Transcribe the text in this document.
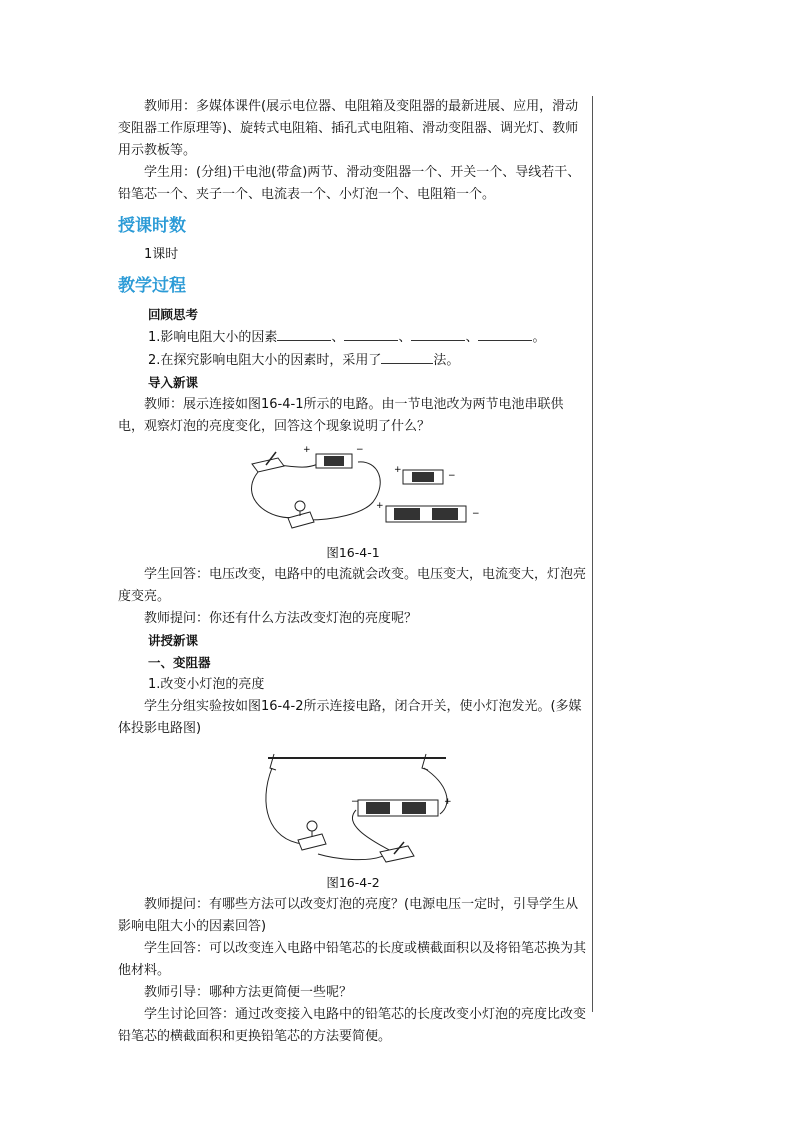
教师用：多媒体课件(展示电位器、电阻箱及变阻器的最新进展、应用，滑动变阻器工作原理等)、旋转式电阻箱、插孔式电阻箱、滑动变阻器、调光灯、教师用示教板等。

学生用：(分组)干电池(带盒)两节、滑动变阻器一个、开关一个、导线若干、铅笔芯一个、夹子一个、电流表一个、小灯泡一个、电阻箱一个。

授课时数

1课时

教学过程

回顾思考

1.影响电阻大小的因素	、	、	、	。

2.在探究影响电阻大小的因素时，采用了	法。

导入新课

教师：展示连接如图16-4-1所示的电路。由一节电池改为两节电池串联供电，观察灯泡的亮度变化，回答这个现象说明了什么？

+	−
+
−
+
−
图16-4-1

学生回答：电压改变，电路中的电流就会改变。电压变大，电流变大，灯泡亮度变亮。

教师提问：你还有什么方法改变灯泡的亮度呢？

讲授新课

一、变阻器

1.改变小灯泡的亮度

学生分组实验按如图16-4-2所示连接电路，闭合开关，使小灯泡发光。(多媒体投影电路图)

−	+
图16-4-2

教师提问：有哪些方法可以改变灯泡的亮度？(电源电压一定时，引导学生从影响电阻大小的因素回答)

学生回答：可以改变连入电路中铅笔芯的长度或横截面积以及将铅笔芯换为其他材料。

教师引导：哪种方法更简便一些呢？

学生讨论回答：通过改变接入电路中的铅笔芯的长度改变小灯泡的亮度比改变铅笔芯的横截面积和更换铅笔芯的方法要简便。
